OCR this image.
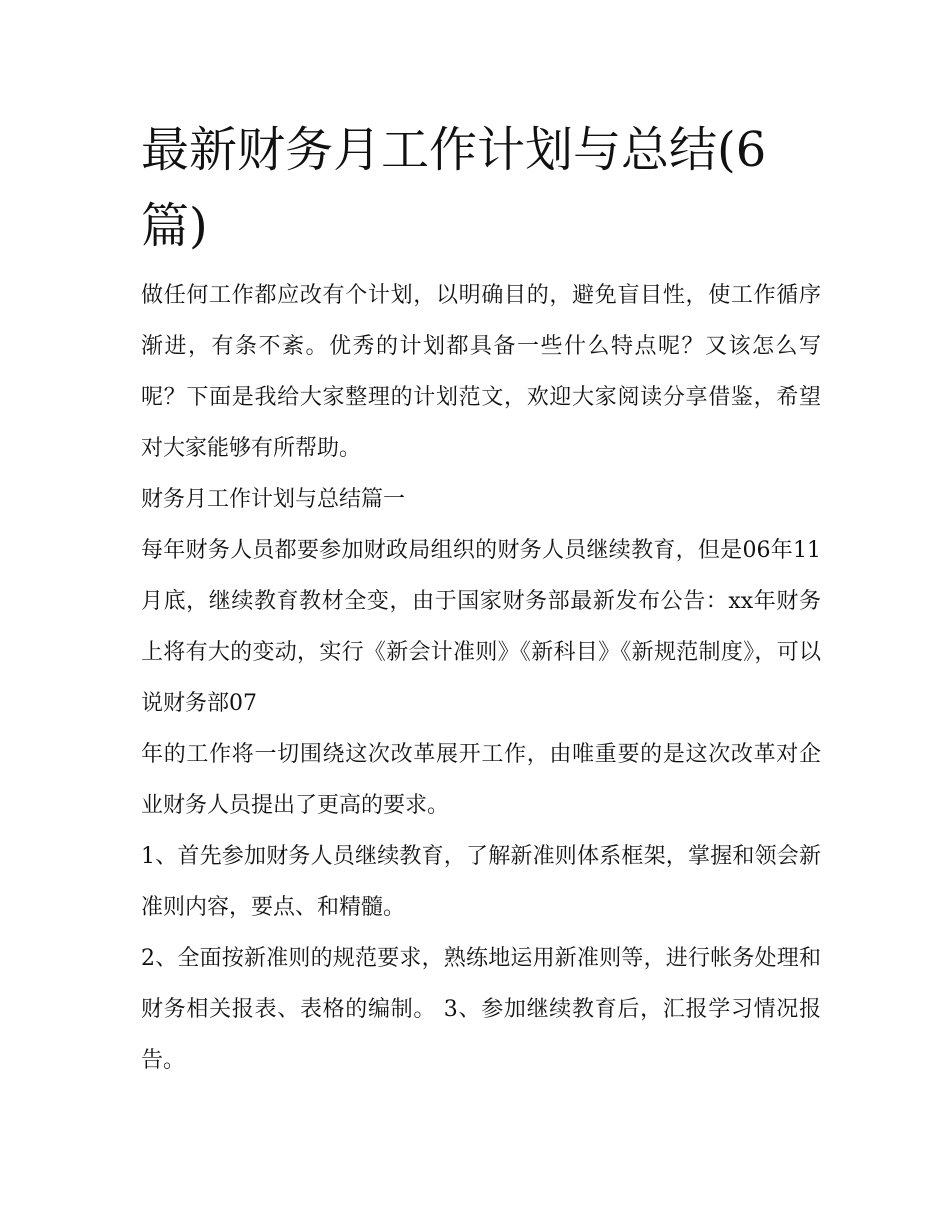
最新财务月工作计划与总结(6篇)

做任何工作都应改有个计划，以明确目的，避免盲目性，使工作循序渐进，有条不紊。优秀的计划都具备一些什么特点呢？又该怎么写呢？下面是我给大家整理的计划范文，欢迎大家阅读分享借鉴，希望对大家能够有所帮助。

财务月工作计划与总结篇一

每年财务人员都要参加财政局组织的财务人员继续教育，但是06年11月底，继续教育教材全变，由于国家财务部最新发布公告：xx年财务上将有大的变动，实行《新会计准则》《新科目》《新规范制度》，可以说财务部07

年的工作将一切围绕这次改革展开工作，由唯重要的是这次改革对企业财务人员提出了更高的要求。

1、首先参加财务人员继续教育，了解新准则体系框架，掌握和领会新准则内容，要点、和精髓。

2、全面按新准则的规范要求，熟练地运用新准则等，进行帐务处理和财务相关报表、表格的编制。 3、参加继续教育后，汇报学习情况报告。
